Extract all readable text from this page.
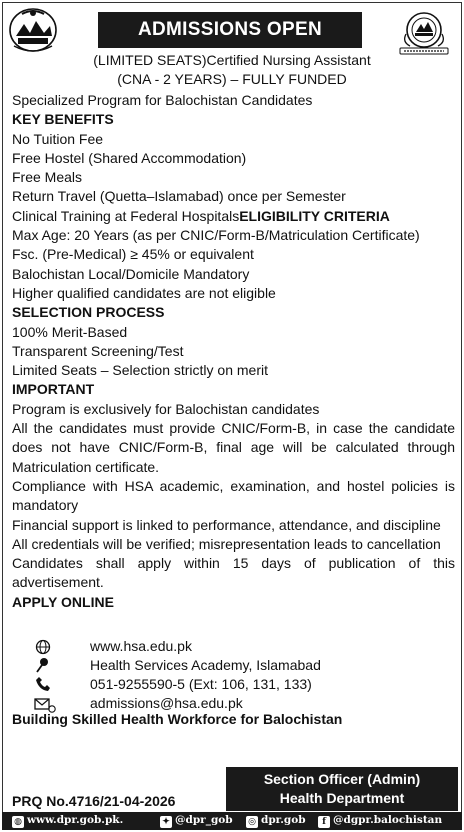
ADMISSIONS OPEN
(LIMITED SEATS)Certified Nursing Assistant
(CNA - 2 YEARS) – FULLY FUNDED
Specialized Program for Balochistan Candidates
KEY BENEFITS
No Tuition Fee
Free Hostel (Shared Accommodation)
Free Meals
Return Travel (Quetta–Islamabad) once per Semester
Clinical Training at Federal HospitalsELIGIBILITY CRITERIA
Max Age: 20 Years (as per CNIC/Form-B/Matriculation Certificate)
Fsc. (Pre-Medical) ≥ 45% or equivalent
Balochistan Local/Domicile Mandatory
Higher qualified candidates are not eligible
SELECTION PROCESS
100% Merit-Based
Transparent Screening/Test
Limited Seats – Selection strictly on merit
IMPORTANT
Program is exclusively for Balochistan candidates
All the candidates must provide CNIC/Form-B, in case the candidate does not have CNIC/Form-B, final age will be calculated through Matriculation certificate.
Compliance with HSA academic, examination, and hostel policies is mandatory
Financial support is linked to performance, attendance, and discipline
All credentials will be verified; misrepresentation leads to cancellation
Candidates shall apply within 15 days of publication of this advertisement.
APPLY ONLINE
www.hsa.edu.pk
Health Services Academy, Islamabad
051-9255590-5 (Ext: 106, 131, 133)
admissions@hsa.edu.pk
Building Skilled Health Workforce for Balochistan
Section Officer (Admin)
Health Department
PRQ No.4716/21-04-2026
◍ www.dpr.gob.pk.	✦ @dpr_gob ◎ dpr.gob	f @dgpr.balochistan
